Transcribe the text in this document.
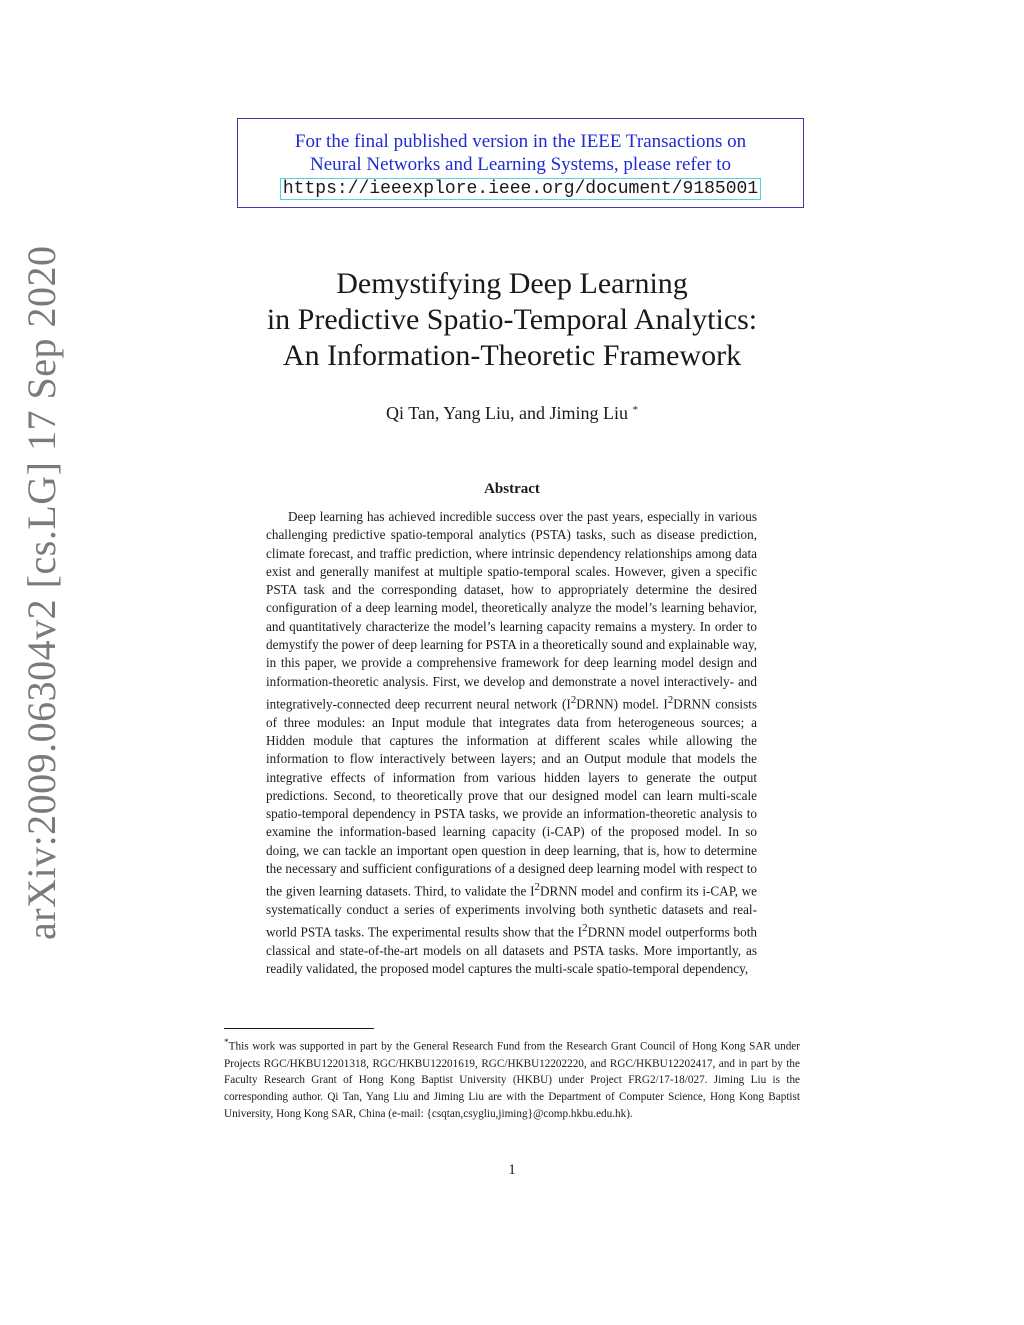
For the final published version in the IEEE Transactions on
Neural Networks and Learning Systems, please refer to
https://ieeexplore.ieee.org/document/9185001
arXiv:2009.06304v2 [cs.LG] 17 Sep 2020	Demystifying Deep Learning
in Predictive Spatio-Temporal Analytics:
An Information-Theoretic Framework
Qi Tan, Yang Liu, and Jiming Liu *
Abstract

Deep learning has achieved incredible success over the past years, especially in various challenging predictive spatio-temporal analytics (PSTA) tasks, such as disease prediction, climate forecast, and traffic prediction, where intrinsic dependency relationships among data exist and generally manifest at multiple spatio-temporal scales. However, given a specific PSTA task and the corresponding dataset, how to appropriately determine the desired configuration of a deep learning model, theoretically analyze the model’s learning behavior, and quantitatively characterize the model’s learning capacity remains a mystery. In order to demystify the power of deep learning for PSTA in a theoretically sound and explainable way, in this paper, we provide a comprehensive framework for deep learning model design and information-theoretic analysis. First, we develop and demonstrate a novel interactively- and integratively-connected deep recurrent neural network $(I^2DRNN)$ model. $I^2DRNN$ consists of three modules: an Input module that integrates data from heterogeneous sources; a Hidden module that captures the information at different scales while allowing the information to flow interactively between layers; and an Output module that models the integrative effects of information from various hidden layers to generate the output predictions. Second, to theoretically prove that our designed model can learn multi-scale spatio-temporal dependency in PSTA tasks, we provide an information-theoretic analysis to examine the information-based learning capacity (i-CAP) of the proposed model. In so doing, we can tackle an important open question in deep learning, that is, how to determine the necessary and sufficient configurations of a designed deep learning model with respect to the given learning datasets. Third, to validate the $I^2DRNN$ model and confirm its i-CAP, we systematically conduct a series of experiments involving both synthetic datasets and real-world PSTA tasks. The experimental results show that the $I^2DRNN$ model outperforms both classical and state-of-the-art models on all datasets and PSTA tasks. More importantly, as readily validated, the proposed model captures the multi-scale spatio-temporal dependency,

*This work was supported in part by the General Research Fund from the Research Grant Council of Hong Kong SAR under Projects RGC/HKBU12201318, RGC/HKBU12201619, RGC/HKBU12202220, and RGC/HKBU12202417, and in part by the Faculty Research Grant of Hong Kong Baptist University (HKBU) under Project FRG2/17-18/027. Jiming Liu is the corresponding author. Qi Tan, Yang Liu and Jiming Liu are with the Department of Computer Science, Hong Kong Baptist University, Hong Kong SAR, China (e-mail: {csqtan,csygliu,jiming}@comp.hkbu.edu.hk).

1
